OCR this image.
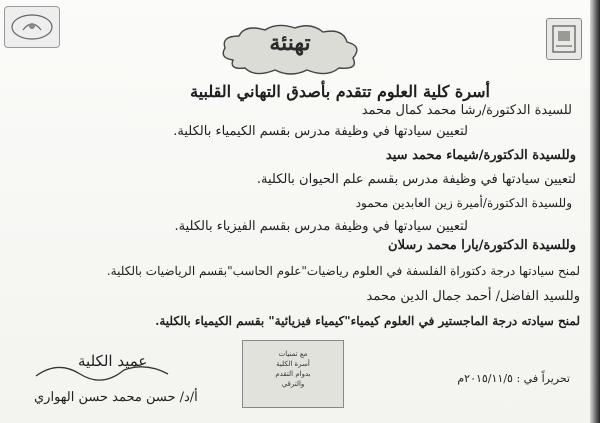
تهنئة
أسرة كلية العلوم تتقدم بأصدق التهاني القلبية
للسيدة الدكتورة/رشا محمد كمال محمد
لتعيين سيادتها في وظيفة مدرس بقسم الكيمياء بالكلية.
وللسيدة الدكتورة/شيماء محمد سيد
لتعيين سيادتها في وظيفة مدرس بقسم علم الحيوان بالكلية.
وللسيدة الدكتورة/أميرة زين العابدين محمود
لتعيين سيادتها في وظيفة مدرس بقسم الفيزياء بالكلية.
وللسيدة الدكتورة/يارا محمد رسلان
لمنح سيادتها درجة دكتوراة الفلسفة في العلوم رياضيات"علوم الحاسب"بقسم الرياضيات بالكلية.
وللسيد الفاضل/ أحمد جمال الدين محمد
لمنح سيادته درجة الماجستير في العلوم كيمياء"كيمياء فيزيائية" بقسم الكيمياء بالكلية.
مع تمنيات
أسرة الكلية
بدوام التقدم
والترقي
عميد الكلية
أ/د/ حسن محمد حسن الهواري
تحريراً في : ٢٠١٥/١١/٥م
